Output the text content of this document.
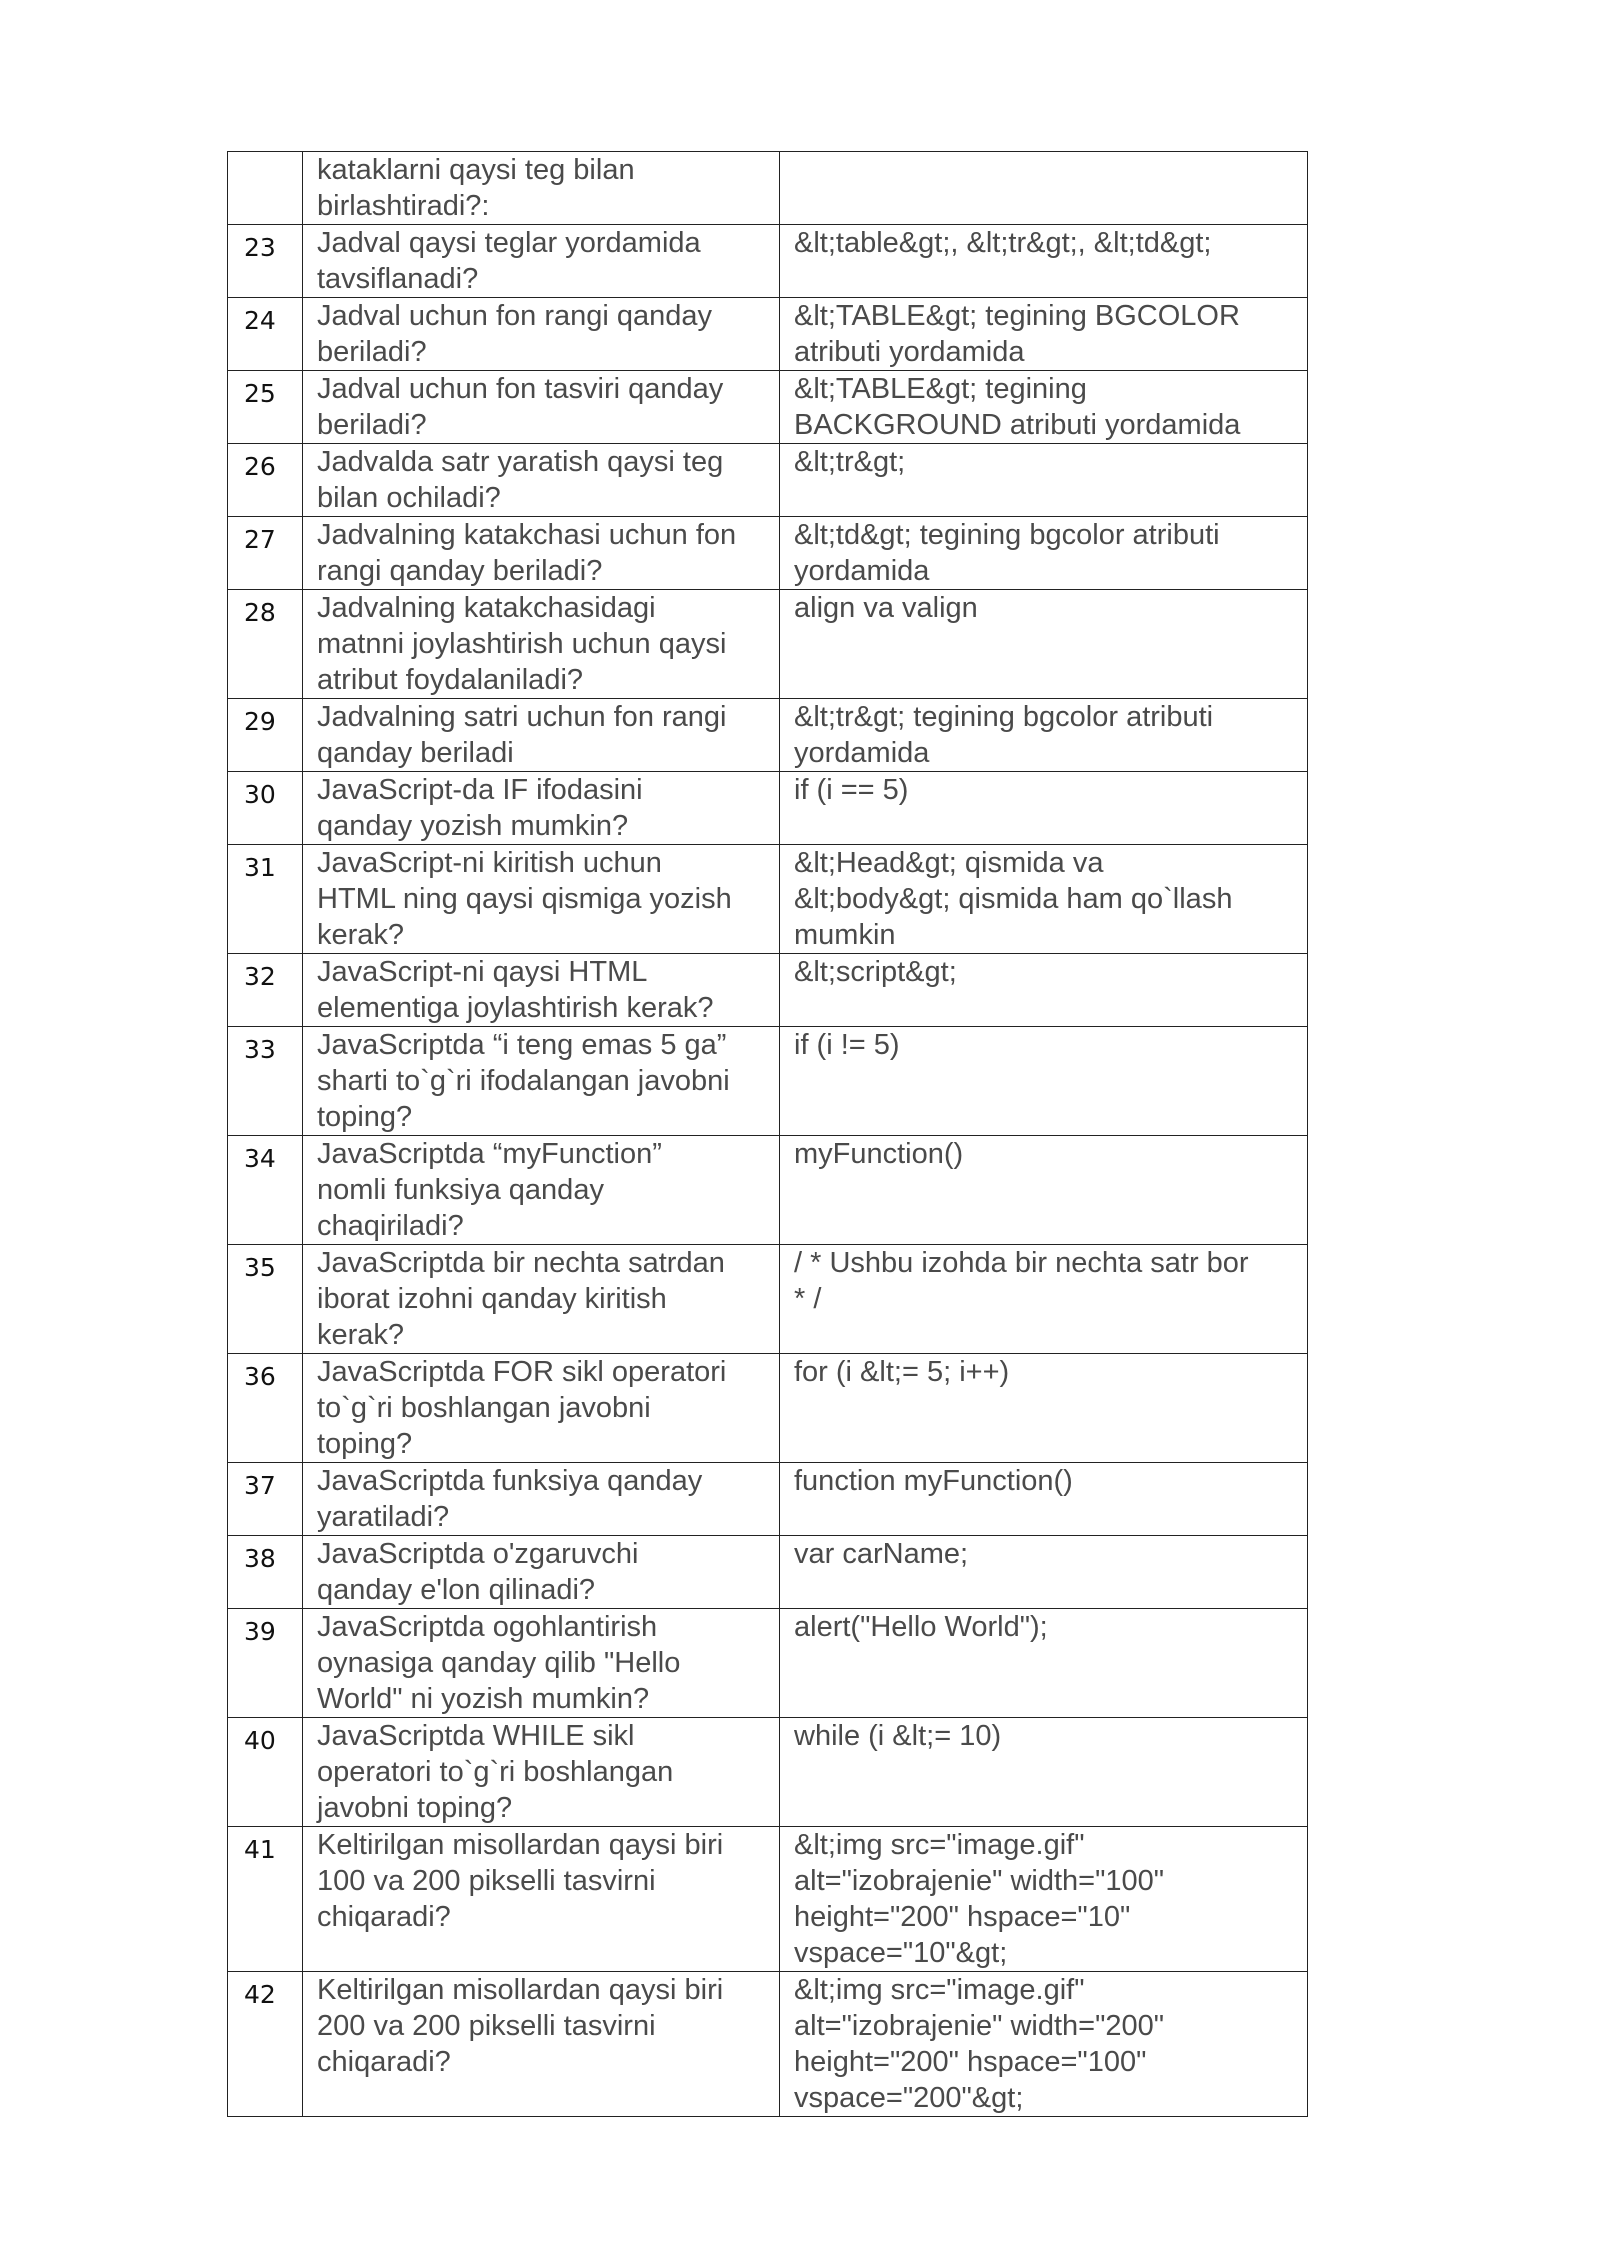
	kataklarni qaysi teg bilan
birlashtiradi?:	
23	Jadval qaysi teglar yordamida
tavsiflanadi?	&lt;table&gt;, &lt;tr&gt;, &lt;td&gt;
24	Jadval uchun fon rangi qanday
beriladi?	&lt;TABLE&gt; tegining BGCOLOR
atributi yordamida
25	Jadval uchun fon tasviri qanday
beriladi?	&lt;TABLE&gt; tegining
BACKGROUND atributi yordamida
26	Jadvalda satr yaratish qaysi teg
bilan ochiladi?	&lt;tr&gt;
27	Jadvalning katakchasi uchun fon
rangi qanday beriladi?	&lt;td&gt; tegining bgcolor atributi
yordamida
28	Jadvalning katakchasidagi
matnni joylashtirish uchun qaysi
atribut foydalaniladi?	align va valign
29	Jadvalning satri uchun fon rangi
qanday beriladi	&lt;tr&gt; tegining bgcolor atributi
yordamida
30	JavaScript-da IF ifodasini
qanday yozish mumkin?	if (i == 5)
31	JavaScript-ni kiritish uchun
HTML ning qaysi qismiga yozish
kerak?	&lt;Head&gt; qismida va
&lt;body&gt; qismida ham qo`llash
mumkin
32	JavaScript-ni qaysi HTML
elementiga joylashtirish kerak?	&lt;script&gt;
33	JavaScriptda “i teng emas 5 ga”
sharti to`g`ri ifodalangan javobni
toping?	if (i != 5)
34	JavaScriptda “myFunction”
nomli funksiya qanday
chaqiriladi?	myFunction()
35	JavaScriptda bir nechta satrdan
iborat izohni qanday kiritish
kerak?	/ * Ushbu izohda bir nechta satr bor
* /
36	JavaScriptda FOR sikl operatori
to`g`ri boshlangan javobni
toping?	for (i &lt;= 5; i++)
37	JavaScriptda funksiya qanday
yaratiladi?	function myFunction()
38	JavaScriptda o'zgaruvchi
qanday e'lon qilinadi?	var carName;
39	JavaScriptda ogohlantirish
oynasiga qanday qilib "Hello
World" ni yozish mumkin?	alert("Hello World");
40	JavaScriptda WHILE sikl
operatori to`g`ri boshlangan
javobni toping?	while (i &lt;= 10)
41	Keltirilgan misollardan qaysi biri
100 va 200 pikselli tasvirni
chiqaradi?	&lt;img src="image.gif"
alt="izobrajenie" width="100"
height="200" hspace="10"
vspace="10"&gt;
42	Keltirilgan misollardan qaysi biri
200 va 200 pikselli tasvirni
chiqaradi?	&lt;img src="image.gif"
alt="izobrajenie" width="200"
height="200" hspace="100"
vspace="200"&gt;
